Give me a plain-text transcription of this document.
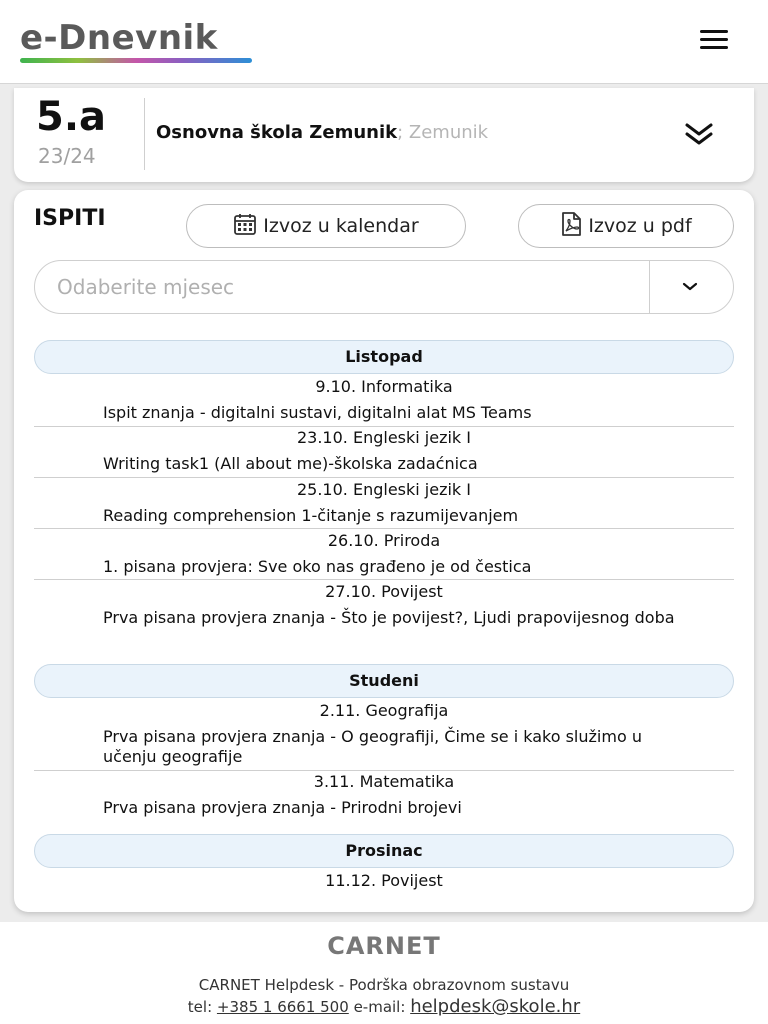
e-Dnevnik
5.a
23/24
Osnovna škola Zemunik; Zemunik
ISPITI	Izvoz u kalendar	Izvoz u pdf
Odaberite mjesec
Listopad
9.10. Informatika
Ispit znanja - digitalni sustavi, digitalni alat MS Teams
23.10. Engleski jezik I
Writing task1 (All about me)-školska zadaćnica
25.10. Engleski jezik I
Reading comprehension 1-čitanje s razumijevanjem
26.10. Priroda
1. pisana provjera: Sve oko nas građeno je od čestica
27.10. Povijest
Prva pisana provjera znanja - Što je povijest?, Ljudi prapovijesnog doba
Studeni
2.11. Geografija
Prva pisana provjera znanja - O geografiji, Čime se i kako služimo u učenju geografije
3.11. Matematika
Prva pisana provjera znanja - Prirodni brojevi
Prosinac
11.12. Povijest
CARNET
CARNET Helpdesk - Podrška obrazovnom sustavu
tel: +385 1 6661 500 e-mail: helpdesk@skole.hr
